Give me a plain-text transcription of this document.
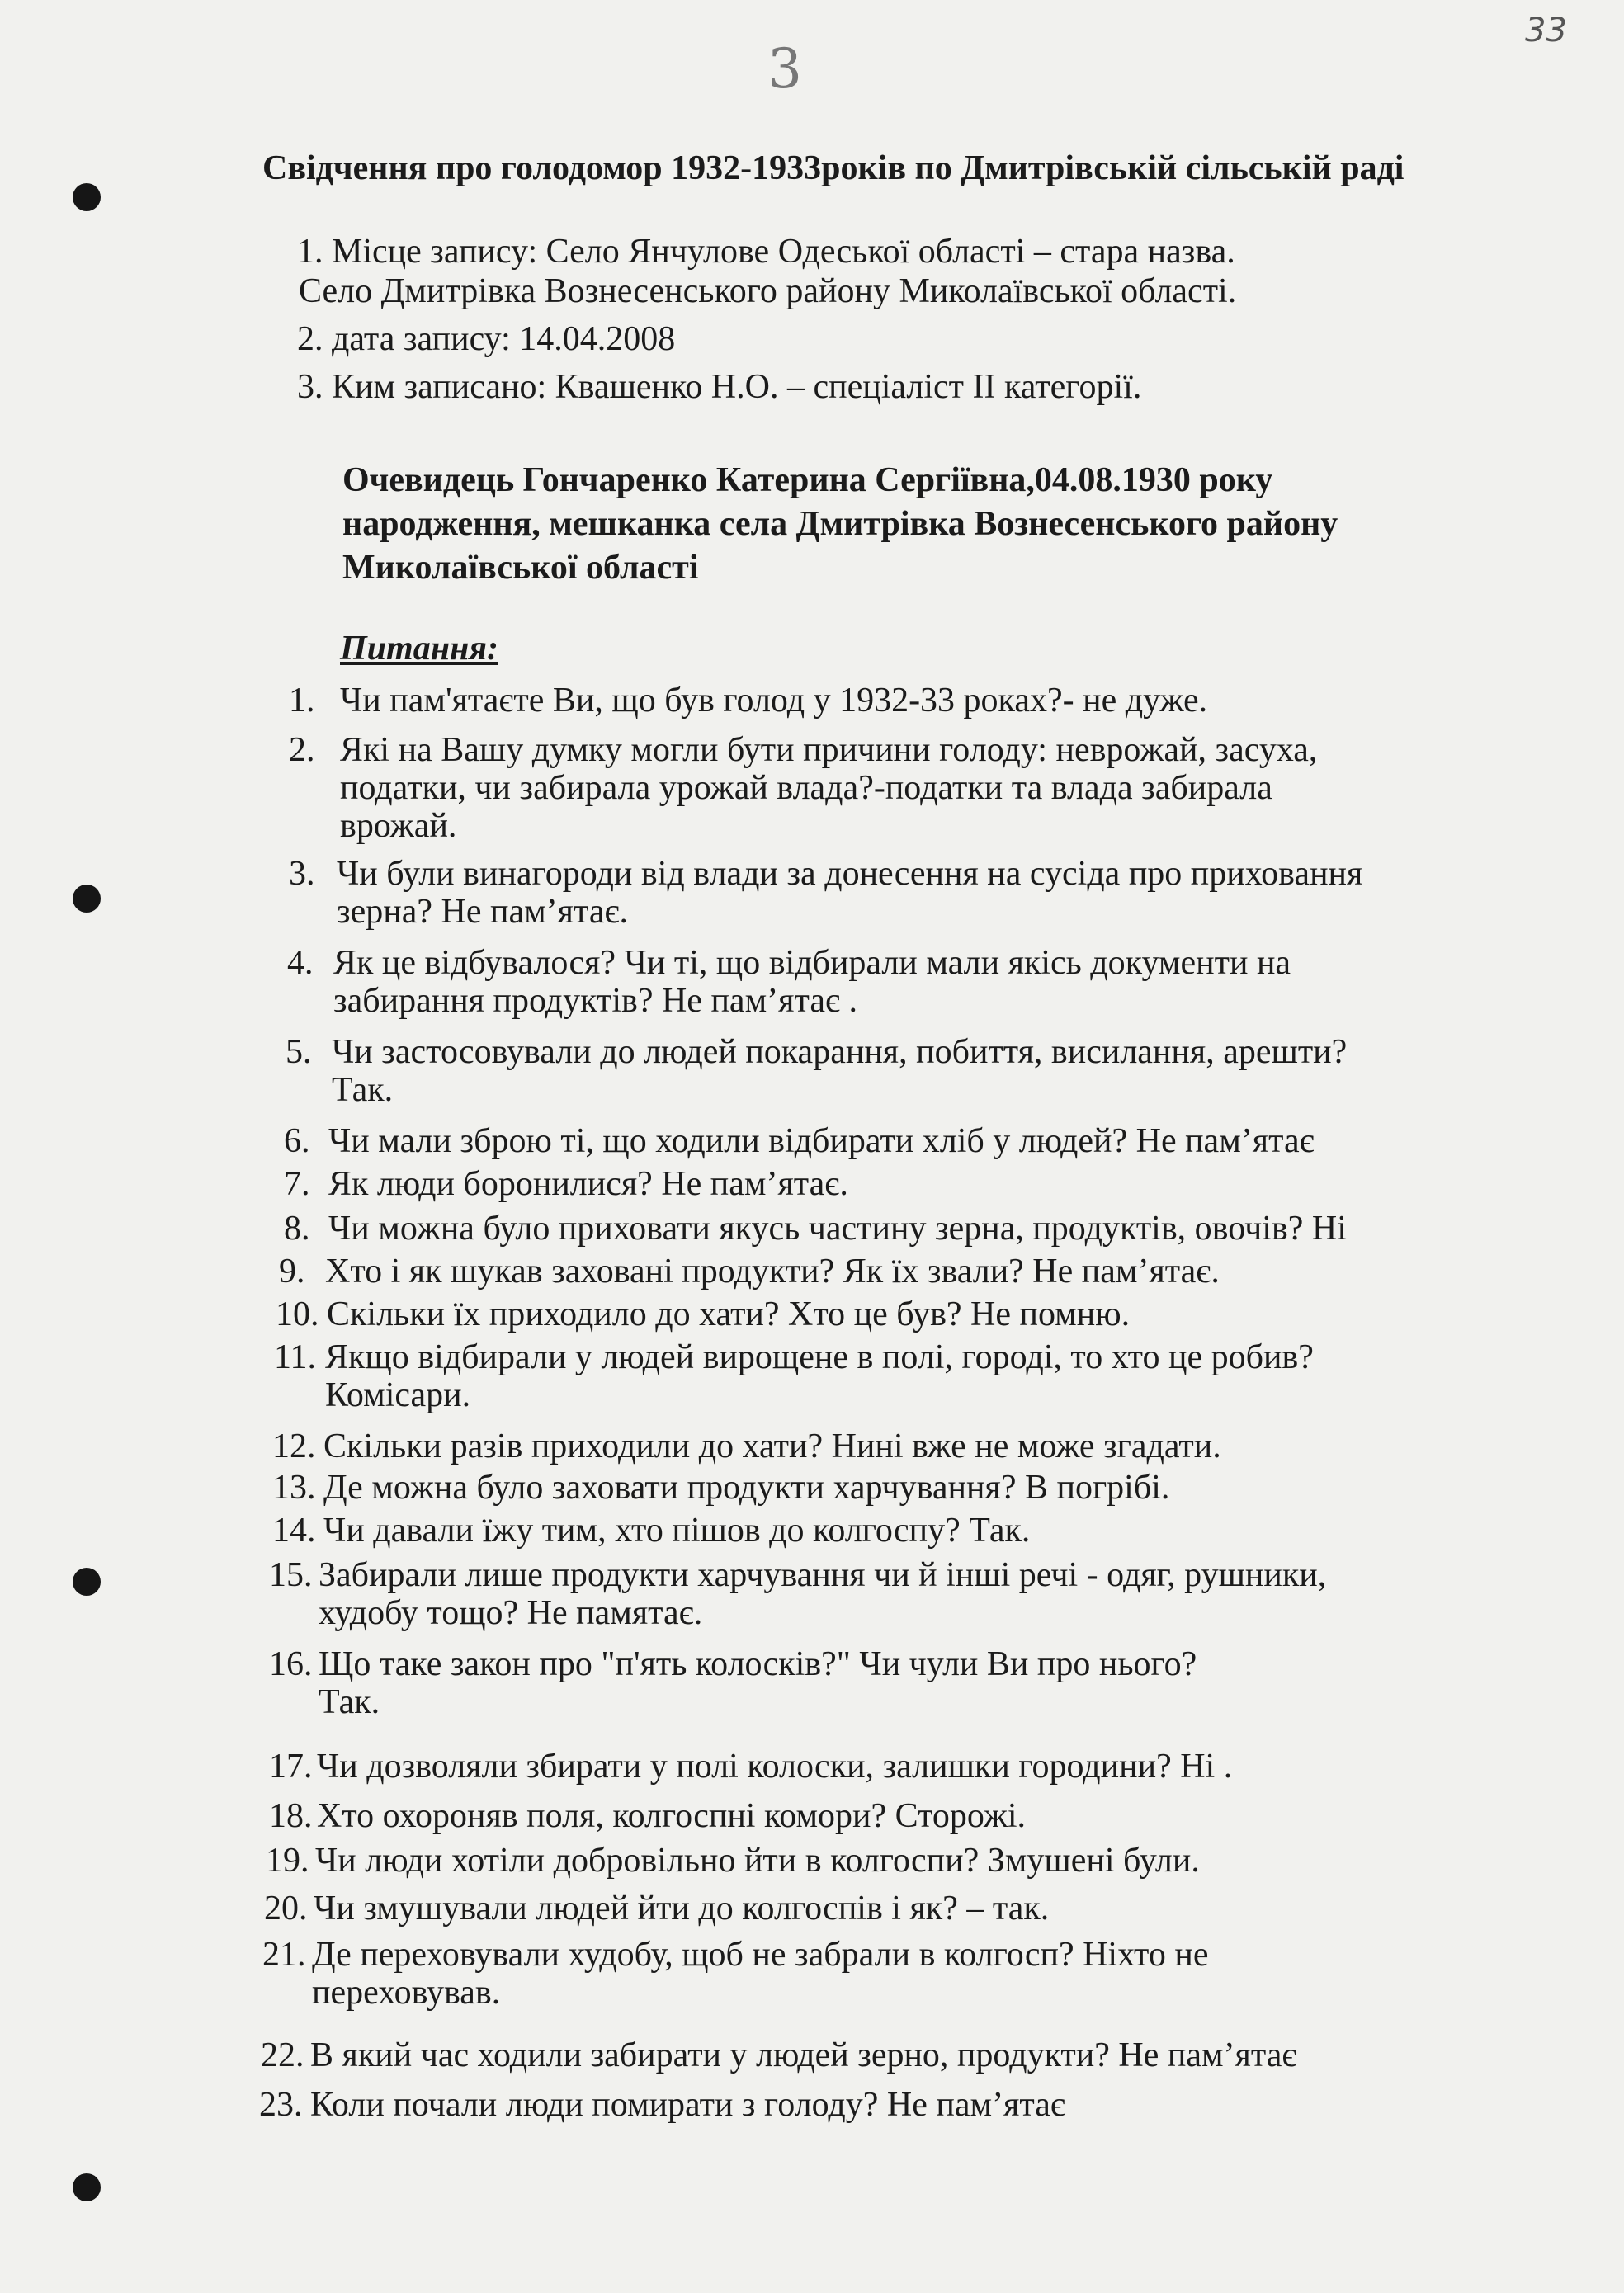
33
3
Свідчення про голодомор 1932-1933років по Дмитрівській сільській раді
1. Місце запису: Село Янчулове Одеської області – стара назва.
Село Дмитрівка Вознесенського району Миколаївської області.
2. дата запису: 14.04.2008
3. Ким записано: Квашенко Н.О. – спеціаліст ІІ категорії.
Очевидець Гончаренко Катерина Сергіївна,04.08.1930 року
народження, мешканка села Дмитрівка Вознесенського району
Миколаївської області
Питання:
1. Чи пам'ятаєте Ви, що був голод у 1932-33 роках?- не дуже.
2. Які на Вашу думку могли бути причини голоду: неврожай, засуха,
податки, чи забирала урожай влада?-податки та влада забирала
врожай.
3. Чи були винагороди від влади за донесення на сусіда про приховання
зерна? Не пам’ятає.
4. Як це відбувалося? Чи ті, що відбирали мали якісь документи на
забирання продуктів? Не пам’ятає .
5. Чи застосовували до людей покарання, побиття, висилання, арешти?
Так.
6. Чи мали зброю ті, що ходили відбирати хліб у людей? Не пам’ятає
7. Як люди боронилися? Не пам’ятає.
8. Чи можна було приховати якусь частину зерна, продуктів, овочів? Ні
9. Хто і як шукав заховані продукти? Як їх звали? Не пам’ятає.
10. Скільки їх приходило до хати? Хто це був? Не помню.
11. Якщо відбирали у людей вирощене в полі, городі, то хто це робив?
Комісари.
12. Скільки разів приходили до хати? Нині вже не може згадати.
13. Де можна було заховати продукти харчування? В погрібі.
14. Чи давали їжу тим, хто пішов до колгоспу? Так.
15. Забирали лише продукти харчування чи й інші речі - одяг, рушники,
худобу тощо? Не памятає.
16. Що таке закон про "п'ять колосків?" Чи чули Ви про нього?
Так.
17. Чи дозволяли збирати у полі колоски, залишки городини? Ні .
18. Хто охороняв поля, колгоспні комори? Сторожі.
19. Чи люди хотіли добровільно йти в колгоспи? Змушені були.
20. Чи змушували людей йти до колгоспів і як? – так.
21. Де переховували худобу, щоб не забрали в колгосп? Ніхто не
переховував.
22. В який час ходили забирати у людей зерно, продукти? Не пам’ятає
23. Коли почали люди помирати з голоду? Не пам’ятає
